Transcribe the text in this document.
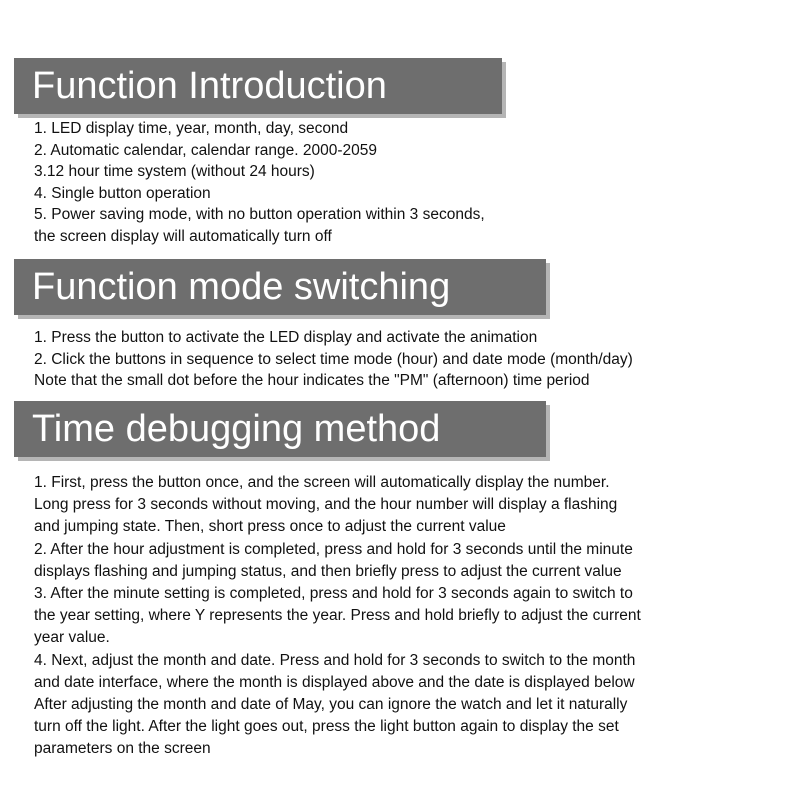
Function Introduction
1. LED display time, year, month, day, second
2. Automatic calendar, calendar range. 2000-2059
3.12 hour time system (without 24 hours)
4. Single button operation
5. Power saving mode, with no button operation within 3 seconds,
the screen display will automatically turn off
Function mode switching
1. Press the button to activate the LED display and activate the animation
2. Click the buttons in sequence to select time mode (hour) and date mode (month/day)
Note that the small dot before the hour indicates the "PM" (afternoon) time period
Time debugging method
1. First, press the button once, and the screen will automatically display the number.
Long press for 3 seconds without moving, and the hour number will display a flashing
and jumping state. Then, short press once to adjust the current value
2. After the hour adjustment is completed, press and hold for 3 seconds until the minute
displays flashing and jumping status, and then briefly press to adjust the current value
3. After the minute setting is completed, press and hold for 3 seconds again to switch to
the year setting, where Y represents the year. Press and hold briefly to adjust the current
year value.
4. Next, adjust the month and date. Press and hold for 3 seconds to switch to the month
and date interface, where the month is displayed above and the date is displayed below
After adjusting the month and date of May, you can ignore the watch and let it naturally
turn off the light. After the light goes out, press the light button again to display the set
parameters on the screen
